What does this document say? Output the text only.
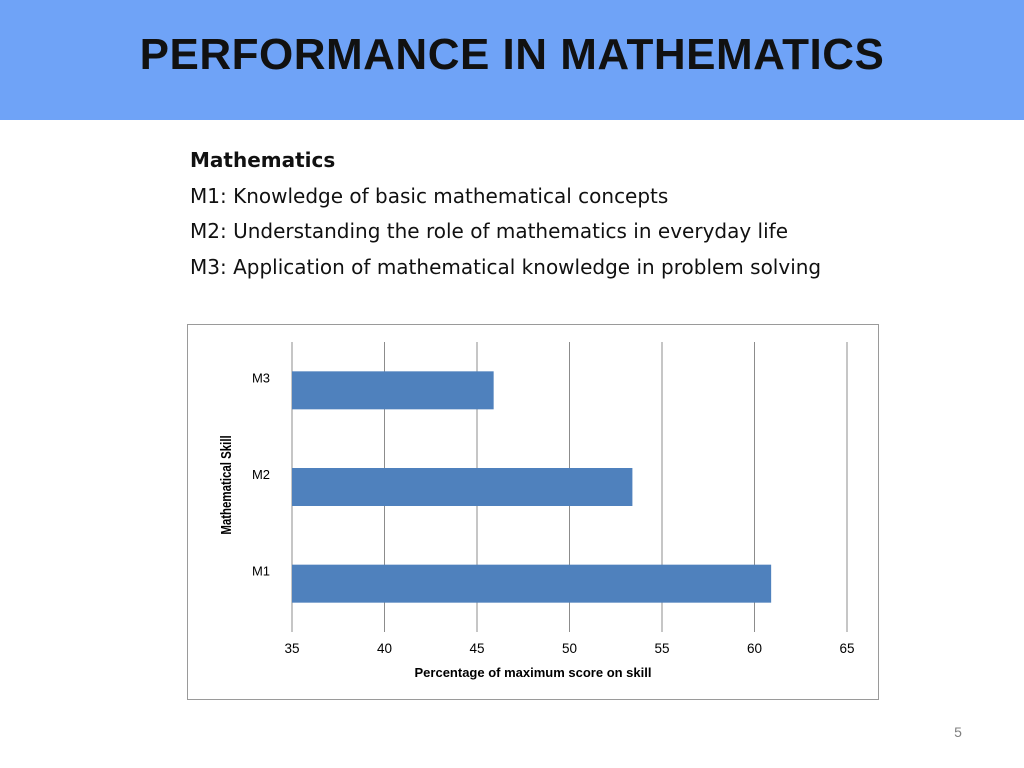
PERFORMANCE IN MATHEMATICS
Mathematics
M1: Knowledge of basic mathematical concepts
M2: Understanding the role of mathematics in everyday life
M3: Application of mathematical knowledge in problem solving
M1
M2
M3
35	40	45	50	55	60	65
Percentage of maximum score on skill
Mathematical Skill
5
